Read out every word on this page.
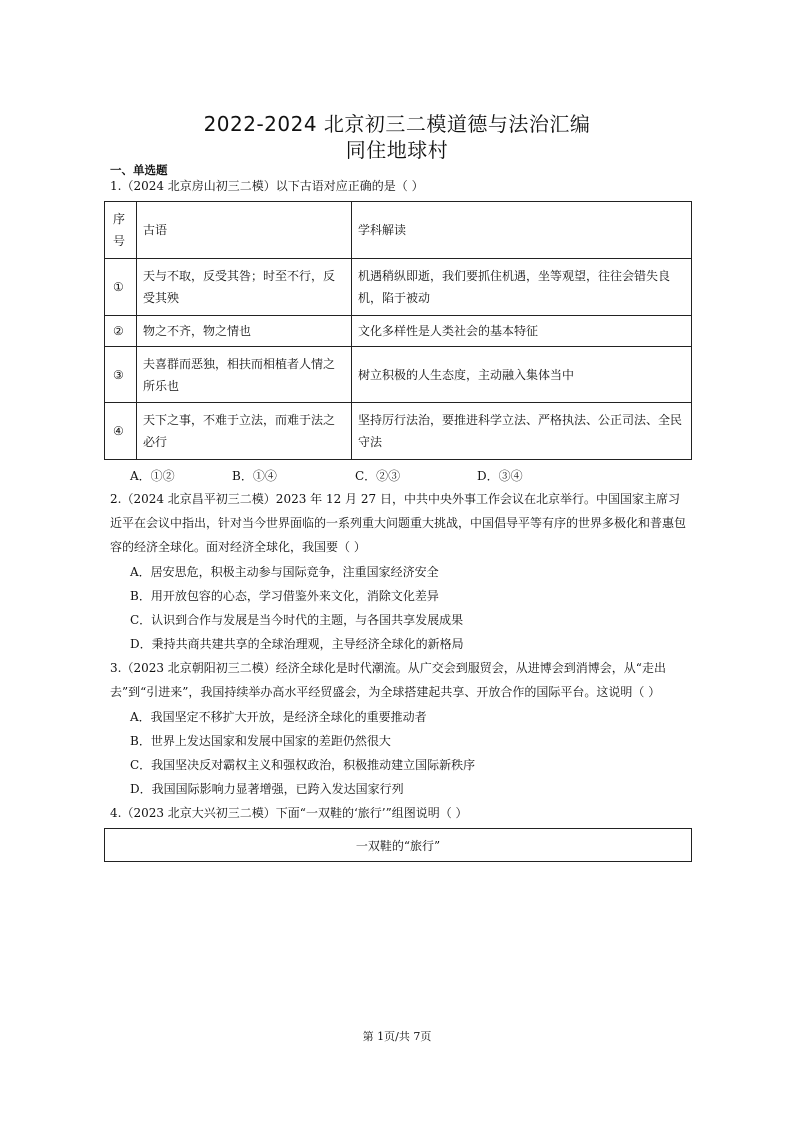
2022-2024 北京初三二模道德与法治汇编
同住地球村
一、单选题
1.（2024 北京房山初三二模）以下古语对应正确的是（ ）
序号	古语	学科解读
①	天与不取，反受其咎；时至不行，反受其殃	机遇稍纵即逝，我们要抓住机遇，坐等观望，往往会错失良机，陷于被动
②	物之不齐，物之情也	文化多样性是人类社会的基本特征
③	夫喜群而恶独，相扶而相植者人情之所乐也	树立积极的人生态度，主动融入集体当中
④	天下之事，不难于立法，而难于法之必行	坚持厉行法治，要推进科学立法、严格执法、公正司法、全民守法
A．①②	B．①④	C．②③	D．③④
2.（2024 北京昌平初三二模）2023 年 12 月 27 日，中共中央外事工作会议在北京举行。中国国家主席习近平在会议中指出，针对当今世界面临的一系列重大问题重大挑战，中国倡导平等有序的世界多极化和普惠包容的经济全球化。面对经济全球化，我国要（ ）
A．居安思危，积极主动参与国际竞争，注重国家经济安全
B．用开放包容的心态，学习借鉴外来文化，消除文化差异
C．认识到合作与发展是当今时代的主题，与各国共享发展成果
D．秉持共商共建共享的全球治理观，主导经济全球化的新格局
3.（2023 北京朝阳初三二模）经济全球化是时代潮流。从广交会到服贸会，从进博会到消博会，从“走出去”到“引进来”，我国持续举办高水平经贸盛会，为全球搭建起共享、开放合作的国际平台。这说明（ ）
A．我国坚定不移扩大开放，是经济全球化的重要推动者
B．世界上发达国家和发展中国家的差距仍然很大
C．我国坚决反对霸权主义和强权政治，积极推动建立国际新秩序
D．我国国际影响力显著增强，已跨入发达国家行列
4.（2023 北京大兴初三二模）下面“一双鞋的‘旅行’”组图说明（ ）
一双鞋的“旅行”
第 1页/共 7页
